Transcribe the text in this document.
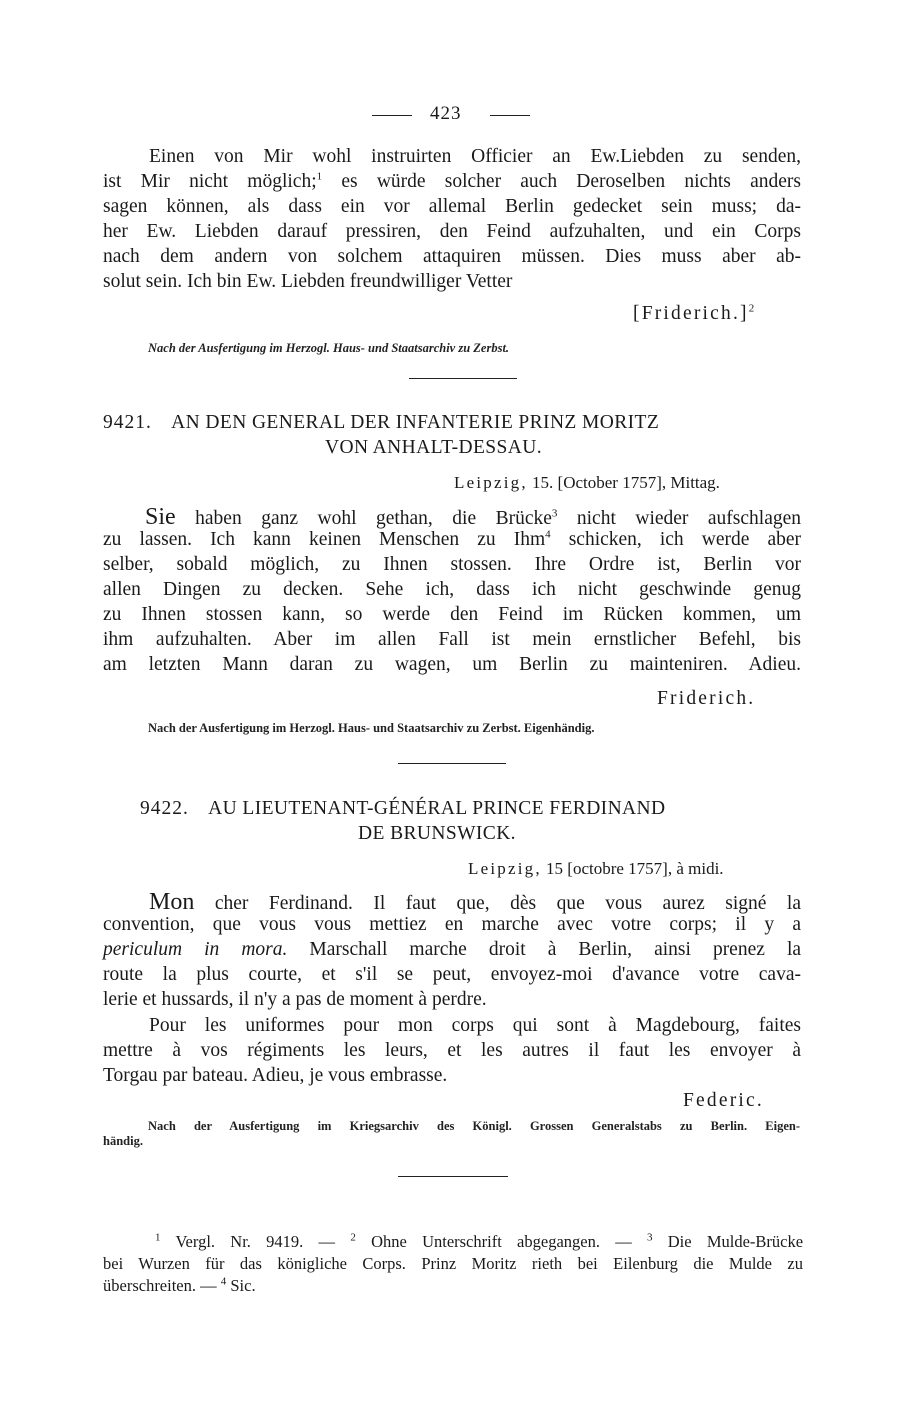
423
Einen von Mir wohl instruirten Officier an Ew.Liebden zu senden,
ist Mir nicht möglich;$^1$ es würde solcher auch Deroselben nichts anders
sagen können, als dass ein vor allemal Berlin gedecket sein muss; da-
her Ew. Liebden darauf pressiren, den Feind aufzuhalten, und ein Corps
nach dem andern von solchem attaquiren müssen. Dies muss aber ab-
solut sein. Ich bin Ew. Liebden freundwilliger Vetter
[Friderich.]$^2$
Nach der Ausfertigung im Herzogl. Haus- und Staatsarchiv zu Zerbst.
9421. AN DEN GENERAL DER INFANTERIE PRINZ MORITZ
VON ANHALT-DESSAU.
Leipzig, 15. [October 1757], Mittag.
Sie haben ganz wohl gethan, die Brücke$^3$ nicht wieder aufschlagen
zu lassen. Ich kann keinen Menschen zu Ihm$^4$ schicken, ich werde aber
selber, sobald möglich, zu Ihnen stossen. Ihre Ordre ist, Berlin vor
allen Dingen zu decken. Sehe ich, dass ich nicht geschwinde genug
zu Ihnen stossen kann, so werde den Feind im Rücken kommen, um
ihm aufzuhalten. Aber im allen Fall ist mein ernstlicher Befehl, bis
am letzten Mann daran zu wagen, um Berlin zu mainteniren. Adieu.
Friderich.
Nach der Ausfertigung im Herzogl. Haus- und Staatsarchiv zu Zerbst. Eigenhändig.
9422. AU LIEUTENANT-GÉNÉRAL PRINCE FERDINAND
DE BRUNSWICK.
Leipzig, 15 [octobre 1757], à midi.
Mon cher Ferdinand. Il faut que, dès que vous aurez signé la
convention, que vous vous mettiez en marche avec votre corps; il y a
periculum in mora. Marschall marche droit à Berlin, ainsi prenez la
route la plus courte, et s'il se peut, envoyez-moi d'avance votre cava-
lerie et hussards, il n'y a pas de moment à perdre.
Pour les uniformes pour mon corps qui sont à Magdebourg, faites
mettre à vos régiments les leurs, et les autres il faut les envoyer à
Torgau par bateau. Adieu, je vous embrasse.
Federic.
Nach der Ausfertigung im Kriegsarchiv des Königl. Grossen Generalstabs zu Berlin. Eigen-
händig.
$^1$ Vergl. Nr. 9419. — $^2$ Ohne Unterschrift abgegangen. — $^3$ Die Mulde-Brücke
bei Wurzen für das königliche Corps. Prinz Moritz rieth bei Eilenburg die Mulde zu
überschreiten. — $^4$ Sic.
